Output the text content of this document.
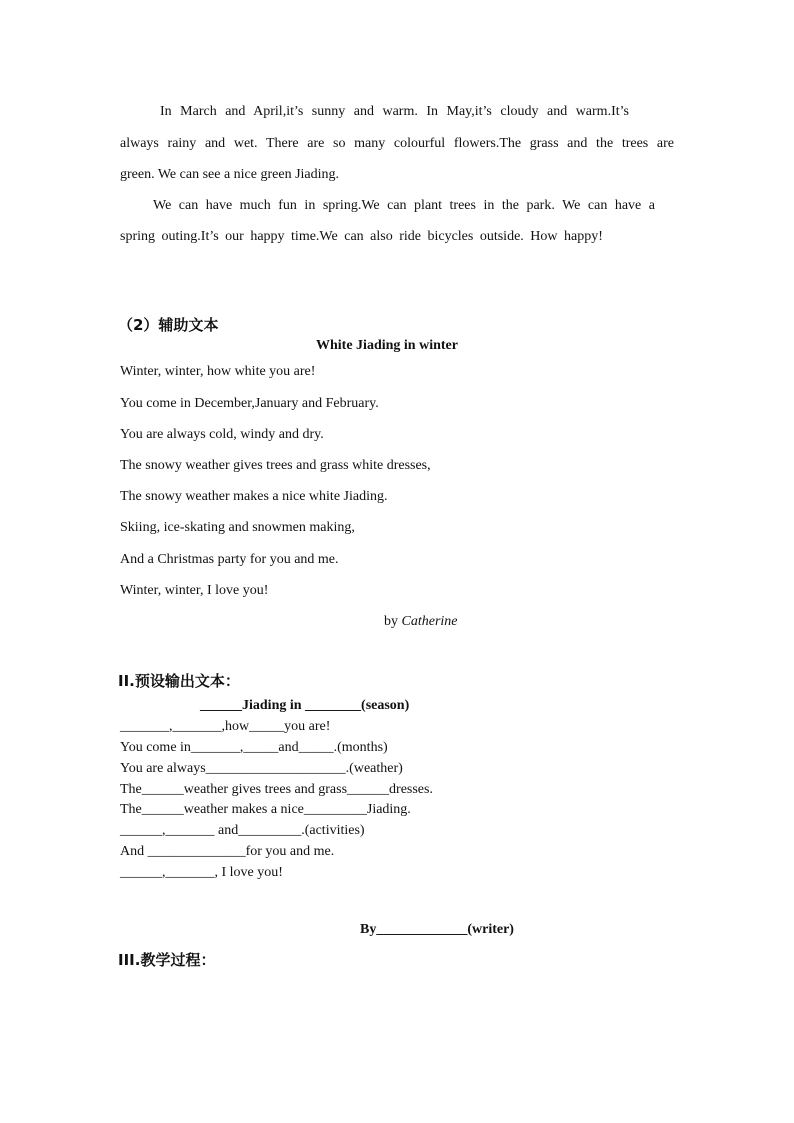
In March and April,it’s sunny and warm. In May,it’s cloudy and warm.It’s
always rainy and wet. There are so many colourful flowers.The grass and the trees are
green. We can see a nice green Jiading.
We can have much fun in spring.We can plant trees in the park. We can have a
spring outing.It’s our happy time.We can also ride bicycles outside. How happy!
（2）辅助文本
White Jiading in winter
Winter, winter, how white you are!
You come in December,January and February.
You are always cold, windy and dry.
The snowy weather gives trees and grass white dresses,
The snowy weather makes a nice white Jiading.
Skiing, ice-skating and snowmen making,
And a Christmas party for you and me.
Winter, winter, I love you!
by Catherine
II.预设输出文本：
______Jiading in ________(season)
_______,_______,how_____you are!
You come in_______,_____and_____.(months)
You are always____________________.(weather)
The______weather gives trees and grass______dresses.
The______weather makes a nice_________Jiading.
______,_______ and_________.(activities)
And ______________for you and me.
______,_______, I love you!
By_____________(writer)
III.教学过程：
